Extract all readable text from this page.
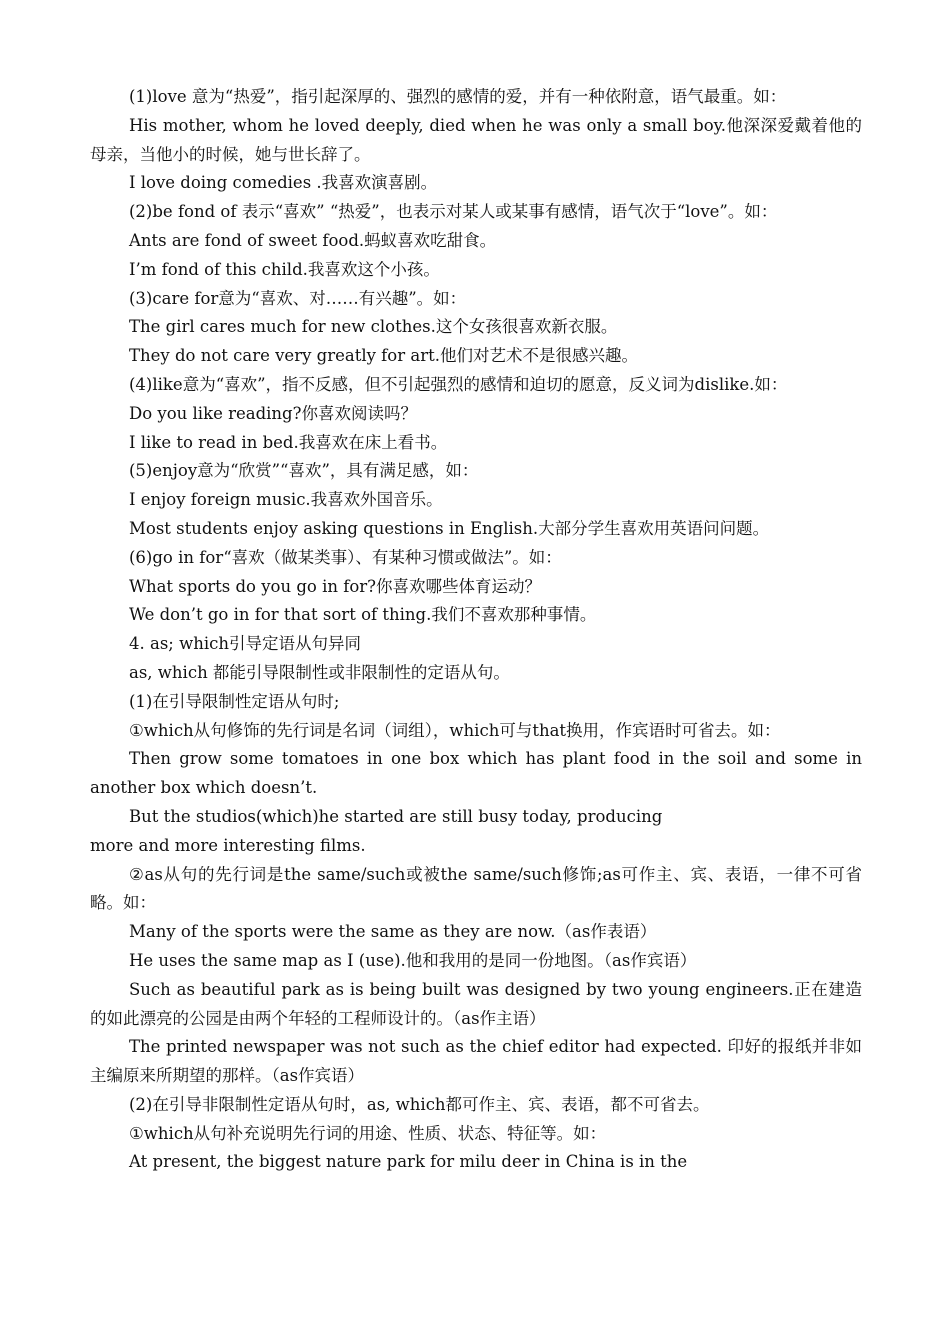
(1)love 意为“热爱”，指引起深厚的、强烈的感情的爱，并有一种依附意，语气最重。如：

His mother, whom he loved deeply, died when he was only a small boy.他深深爱戴着他的母亲，当他小的时候，她与世长辞了。

I love doing comedies .我喜欢演喜剧。

(2)be fond of 表示“喜欢” “热爱”，也表示对某人或某事有感情，语气次于“love”。如：

Ants are fond of sweet food.蚂蚁喜欢吃甜食。

I’m fond of this child.我喜欢这个小孩。

(3)care for意为“喜欢、对……有兴趣”。如：

The girl cares much for new clothes.这个女孩很喜欢新衣服。

They do not care very greatly for art.他们对艺术不是很感兴趣。

(4)like意为“喜欢”，指不反感，但不引起强烈的感情和迫切的愿意，反义词为dislike.如：

Do you like reading?你喜欢阅读吗？

I like to read in bed.我喜欢在床上看书。

(5)enjoy意为“欣赏”“喜欢”，具有满足感，如：

I enjoy foreign music.我喜欢外国音乐。

Most students enjoy asking questions in English.大部分学生喜欢用英语问问题。

(6)go in for“喜欢（做某类事）、有某种习惯或做法”。如：

What sports do you go in for?你喜欢哪些体育运动？

We don’t go in for that sort of thing.我们不喜欢那种事情。

4. as; which引导定语从句异同

as, which 都能引导限制性或非限制性的定语从句。

(1)在引导限制性定语从句时;

①which从句修饰的先行词是名词（词组），which可与that换用，作宾语时可省去。如：

Then grow some tomatoes in one box which has plant food in the soil and some in another box which doesn’t.

But the studios(which)he started are still busy today, producing

more and more interesting films.

②as从句的先行词是the same/such或被the same/such修饰;as可作主、宾、表语，一律不可省略。如：

Many of the sports were the same as they are now.（as作表语）

He uses the same map as I (use).他和我用的是同一份地图。（as作宾语）

Such as beautiful park as is being built was designed by two young engineers.正在建造的如此漂亮的公园是由两个年轻的工程师设计的。（as作主语）

The printed newspaper was not such as the chief editor had expected. 印好的报纸并非如主编原来所期望的那样。（as作宾语）

(2)在引导非限制性定语从句时，as, which都可作主、宾、表语，都不可省去。

①which从句补充说明先行词的用途、性质、状态、特征等。如：

At present, the biggest nature park for milu deer in China is in the
